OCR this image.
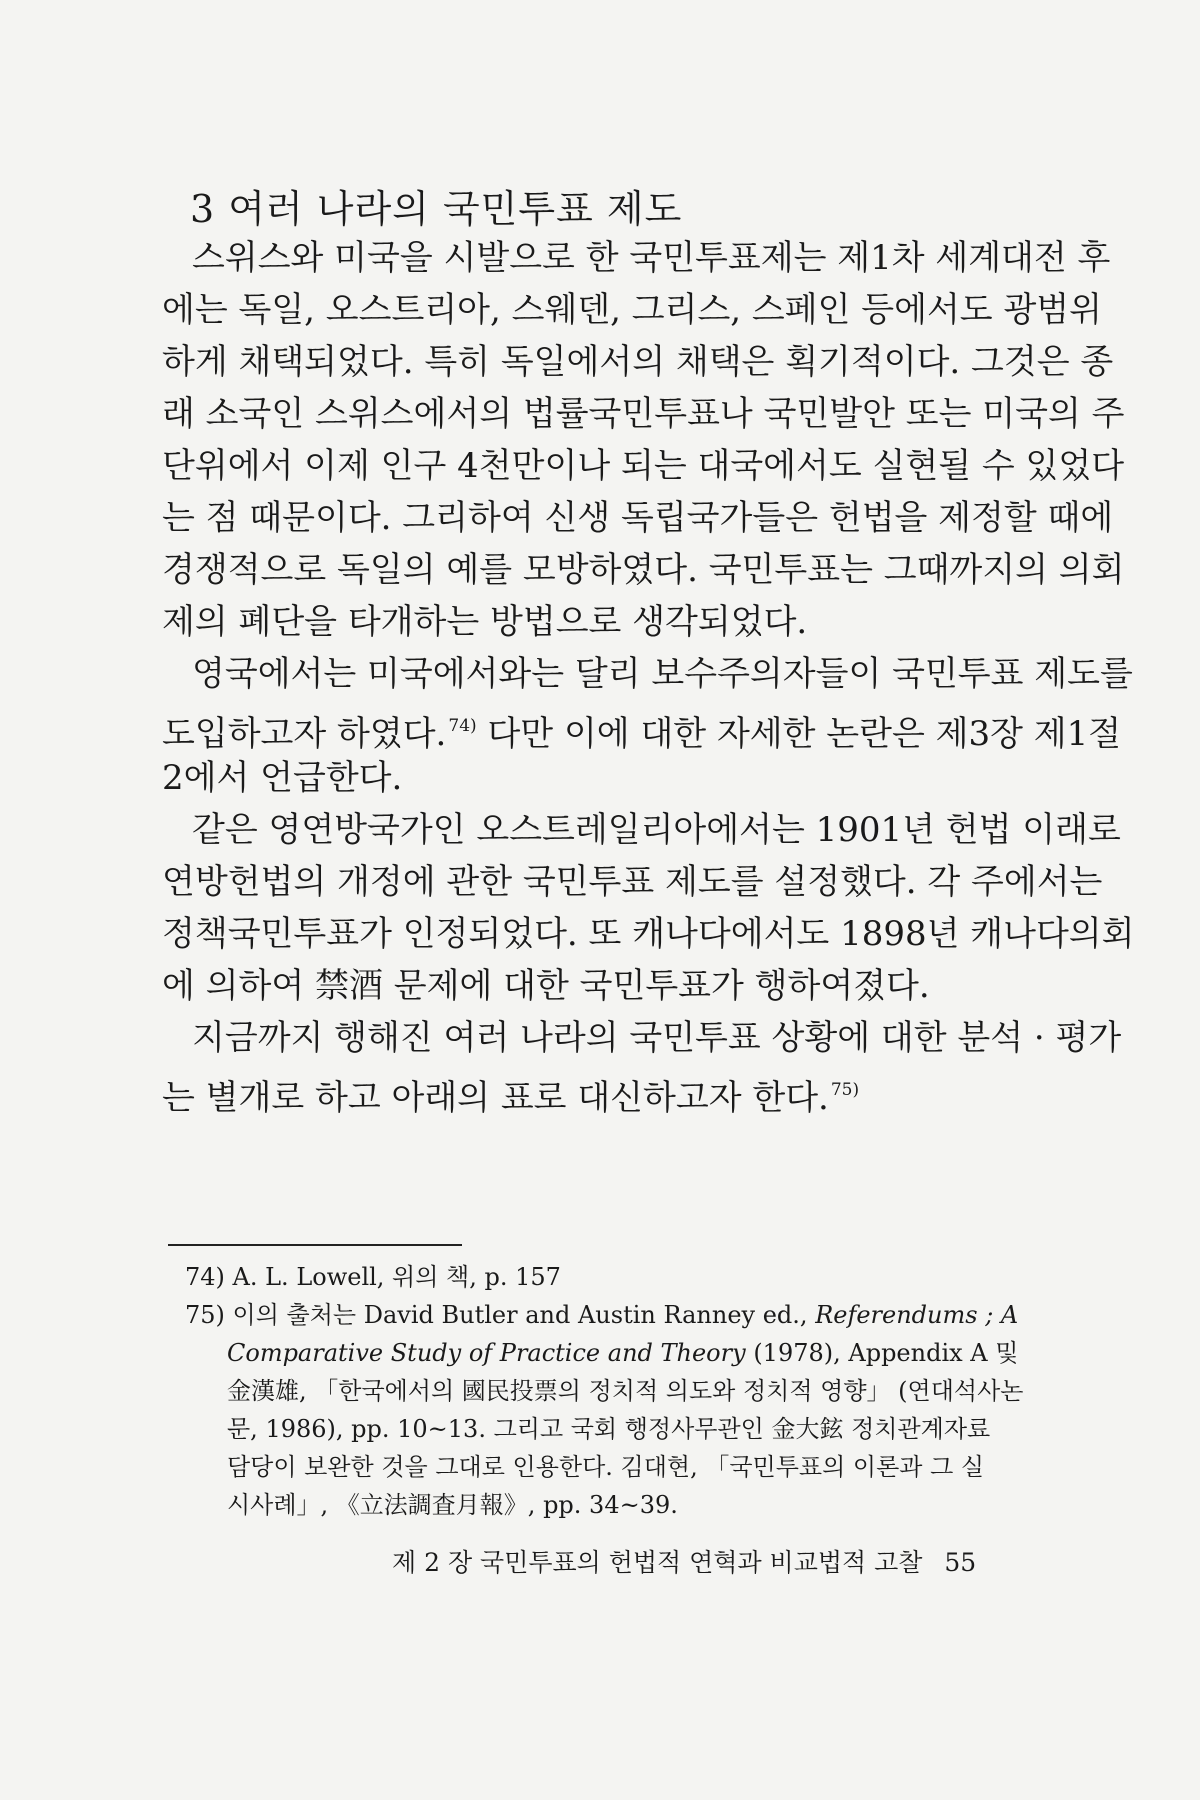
3 여러 나라의 국민투표 제도

스위스와 미국을 시발으로 한 국민투표제는 제1차 세계대전 후
에는 독일, 오스트리아, 스웨덴, 그리스, 스페인 등에서도 광범위
하게 채택되었다. 특히 독일에서의 채택은 획기적이다. 그것은 종
래 소국인 스위스에서의 법률국민투표나 국민발안 또는 미국의 주
단위에서 이제 인구 4천만이나 되는 대국에서도 실현될 수 있었다
는 점 때문이다. 그리하여 신생 독립국가들은 헌법을 제정할 때에
경쟁적으로 독일의 예를 모방하였다. 국민투표는 그때까지의 의회
제의 폐단을 타개하는 방법으로 생각되었다.

영국에서는 미국에서와는 달리 보수주의자들이 국민투표 제도를
도입하고자 하였다. $^{74)}$ 다만 이에 대한 자세한 논란은 제3장 제1절
2에서 언급한다.

같은 영연방국가인 오스트레일리아에서는 1901년 헌법 이래로
연방헌법의 개정에 관한 국민투표 제도를 설정했다. 각 주에서는
정책국민투표가 인정되었다. 또 캐나다에서도 1898년 캐나다의회
에 의하여 禁酒 문제에 대한 국민투표가 행하여졌다.

지금까지 행해진 여러 나라의 국민투표 상황에 대한 분석 · 평가
는 별개로 하고 아래의 표로 대신하고자 한다. $^{75)}$

74) A. L. Lowell, 위의 책, p. 157

75) 이의 출처는 David Butler and Austin Ranney ed., Referendums ; A
Comparative Study of Practice and Theory (1978), Appendix A 및
金漢雄, 「한국에서의 國民投票의 정치적 의도와 정치적 영향」 (연대석사논
문, 1986), pp. 10~13. 그리고 국회 행정사무관인 金大鉉 정치관계자료
담당이 보완한 것을 그대로 인용한다. 김대현, 「국민투표의 이론과 그 실
시사례」, 《立法調査月報》, pp. 34~39.

제 2 장 국민투표의 헌법적 연혁과 비교법적 고찰 55
